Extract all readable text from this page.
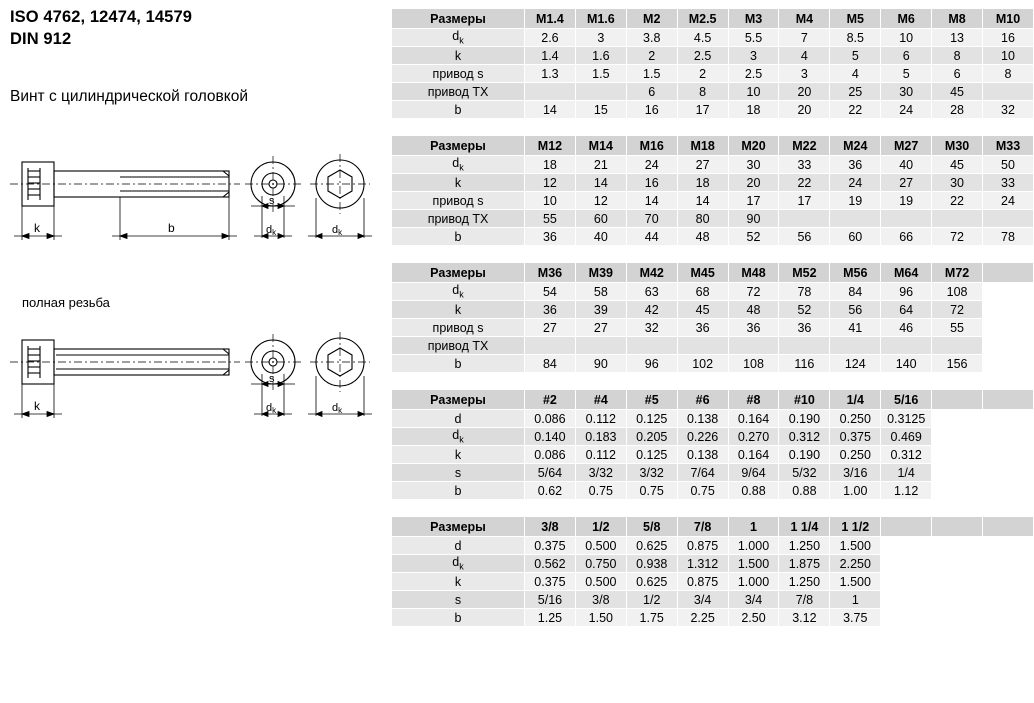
ISO 4762, 12474, 14579
DIN 912
Винт с цилиндрической головкой
полная резьба
k	b
s
dk	dk
k
s
dk	dk
Размеры	M1.4	M1.6	M2	M2.5	M3	M4	M5	M6	M8	M10
$d_k$	2.6	3	3.8	4.5	5.5	7	8.5	10	13	16
k	1.4	1.6	2	2.5	3	4	5	6	8	10
привод s	1.3	1.5	1.5	2	2.5	3	4	5	6	8
привод TX			6	8	10	20	25	30	45	
b	14	15	16	17	18	20	22	24	28	32
Размеры	M12	M14	M16	M18	M20	M22	M24	M27	M30	M33
$d_k$	18	21	24	27	30	33	36	40	45	50
k	12	14	16	18	20	22	24	27	30	33
привод s	10	12	14	14	17	17	19	19	22	24
привод TX	55	60	70	80	90					
b	36	40	44	48	52	56	60	66	72	78
Размеры	M36	M39	M42	M45	M48	M52	M56	M64	M72	
$d_k$	54	58	63	68	72	78	84	96	108	
k	36	39	42	45	48	52	56	64	72	
привод s	27	27	32	36	36	36	41	46	55	
привод TX										
b	84	90	96	102	108	116	124	140	156	
Размеры	#2	#4	#5	#6	#8	#10	1/4	5/16		
d	0.086	0.112	0.125	0.138	0.164	0.190	0.250	0.3125		
$d_k$	0.140	0.183	0.205	0.226	0.270	0.312	0.375	0.469		
k	0.086	0.112	0.125	0.138	0.164	0.190	0.250	0.312		
s	5/64	3/32	3/32	7/64	9/64	5/32	3/16	1/4		
b	0.62	0.75	0.75	0.75	0.88	0.88	1.00	1.12		
Размеры	3/8	1/2	5/8	7/8	1	1 1/4	1 1/2			
d	0.375	0.500	0.625	0.875	1.000	1.250	1.500			
$d_k$	0.562	0.750	0.938	1.312	1.500	1.875	2.250			
k	0.375	0.500	0.625	0.875	1.000	1.250	1.500			
s	5/16	3/8	1/2	3/4	3/4	7/8	1			
b	1.25	1.50	1.75	2.25	2.50	3.12	3.75			
